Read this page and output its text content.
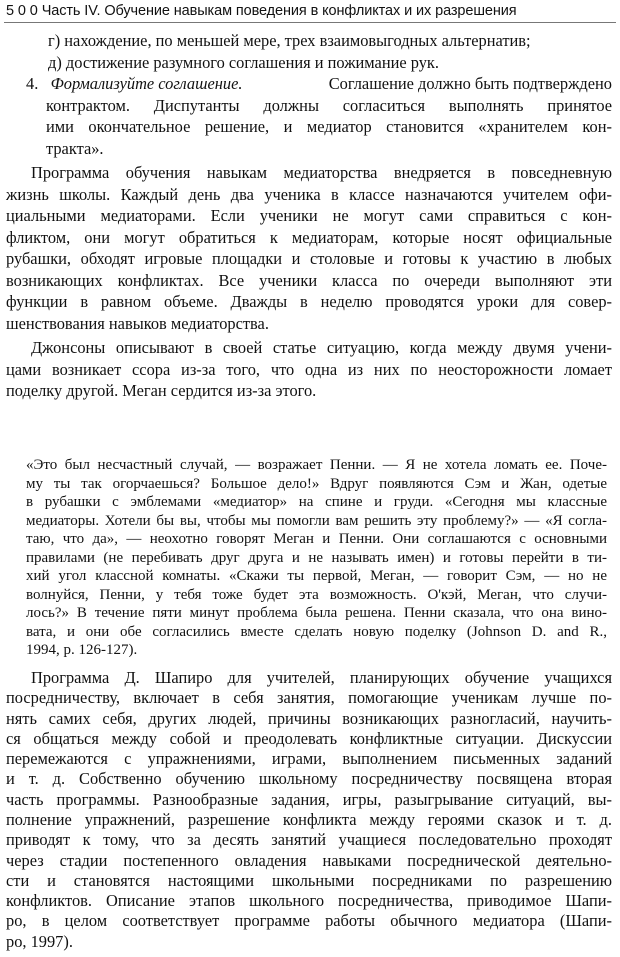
5 0 0 Часть IV. Обучение навыкам поведения в конфликтах и их разрешения
г) нахождение, по меньшей мере, трех взаимовыгодных альтернатив;
д) достижение разумного соглашения и пожимание рук.
4. Формализуйте соглашение.	Соглашение должно быть подтверждено
контрактом. Диспутанты должны согласиться выполнять принятое
ими окончательное решение, и медиатор становится «хранителем кон-
тракта».
Программа обучения навыкам медиаторства внедряется в повседневную
жизнь школы. Каждый день два ученика в классе назначаются учителем офи-
циальными медиаторами. Если ученики не могут сами справиться с кон-
фликтом, они могут обратиться к медиаторам, которые носят официальные
рубашки, обходят игровые площадки и столовые и готовы к участию в любых
возникающих конфликтах. Все ученики класса по очереди выполняют эти
функции в равном объеме. Дважды в неделю проводятся уроки для совер-
шенствования навыков медиаторства.
Джонсоны описывают в своей статье ситуацию, когда между двумя учени-
цами возникает ссора из-за того, что одна из них по неосторожности ломает
поделку другой. Меган сердится из-за этого.
«Это был несчастный случай, — возражает Пенни. — Я не хотела ломать ее. Поче-
му ты так огорчаешься? Большое дело!» Вдруг появляются Сэм и Жан, одетые
в рубашки с эмблемами «медиатор» на спине и груди. «Сегодня мы классные
медиаторы. Хотели бы вы, чтобы мы помогли вам решить эту проблему?» — «Я согла-
таю, что да», — неохотно говорят Меган и Пенни. Они соглашаются с основными
правилами (не перебивать друг друга и не называть имен) и готовы перейти в ти-
хий угол классной комнаты. «Скажи ты первой, Меган, — говорит Сэм, — но не
волнуйся, Пенни, у тебя тоже будет эта возможность. O'кэй, Меган, что случи-
лось?» В течение пяти минут проблема была решена. Пенни сказала, что она вино-
вата, и они обе согласились вместе сделать новую поделку (Johnson D. and R.,
1994, p. 126-127).
Программа Д. Шапиро для учителей, планирующих обучение учащихся
посредничеству, включает в себя занятия, помогающие ученикам лучше по-
нять самих себя, других людей, причины возникающих разногласий, научить-
ся общаться между собой и преодолевать конфликтные ситуации. Дискуссии
перемежаются с упражнениями, играми, выполнением письменных заданий
и т. д. Собственно обучению школьному посредничеству посвящена вторая
часть программы. Разнообразные задания, игры, разыгрывание ситуаций, вы-
полнение упражнений, разрешение конфликта между героями сказок и т. д.
приводят к тому, что за десять занятий учащиеся последовательно проходят
через стадии постепенного овладения навыками посреднической деятельно-
сти и становятся настоящими школьными посредниками по разрешению
конфликтов. Описание этапов школьного посредничества, приводимое Шапи-
ро, в целом соответствует программе работы обычного медиатора (Шапи-
ро, 1997).
